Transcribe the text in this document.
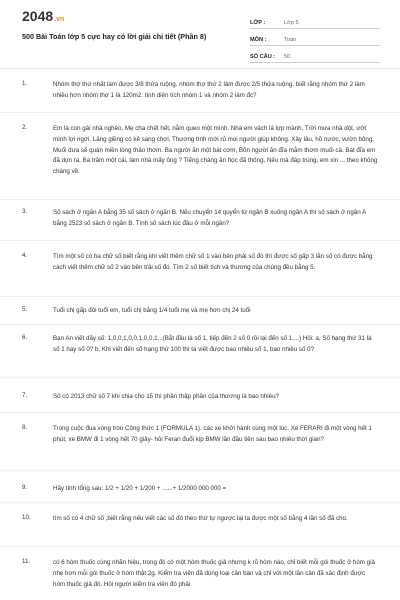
2048.vn
500 Bài Toán lớp 5 cực hay có lời giải chi tiết (Phần 8)
LỚP :	Lớp 5
MÔN :	Toán
SỐ CÂU :	50
1.	Nhóm thợ thứ nhất làm được 3/8 thửa ruộng. nhóm thợ thứ 2 làm được 2/5 thửa ruộng. biết rằng nhóm thứ 2 làm nhiều hơn nhóm thợ 1 là 120m2. tính diện tích nhóm 1 và nhóm 2 làm đc?
2.	Em là con gái nhà nghèo, Mẹ cha chết hết, nằm queo một mình. Nhà em vách lá lợp mành, Trời mưa nhà dột, ướt mình lợi ngợi. Láng giềng có kẻ sang chơi, Thương tình mới rủ mọi người giúp không. Xây lâu, hồ nước, vườn bông, Muối dưa sẽ quán miền lòng thảo thơm. Ba người ăn một bát cơm, Bốn người ăn đĩa mắm thơm muối cà. Bát đĩa em đã dọn ra, Ba trăm một cái, làm nhà mấy ông ? Tiếng chàng ăn học đã thông, Nếu mà đáp trúng, em xin ... theo không chàng về.
3.	Số sách ở ngăn A bằng 35 số sách ở ngăn B. Nếu chuyển 14 quyển từ ngăn B xuống ngăn A thì số sách ở ngăn A bằng 2523 số sách ở ngăn B. Tính số sách lúc đầu ở mỗi ngăn?
4.	Tìm một số có ba chữ số biết rằng khi viết thêm chữ số 1 vào bên phải số đó thì được số gấp 3 lần số có được bằng cách viết thêm chữ số 2 vào bên trái số đó. Tìm 2 số biết tích và thương của chúng đều bằng 5.
5.	Tuổi chị gấp đôi tuổi em, tuổi chị bằng 1/4 tuổi mẹ và mẹ hơn chị 24 tuổi
6.	Bạn An viết dãy số: 1,0,0,1,0,0,1,0,0,1...(Bắt đầu là số 1, tiếp đến 2 số 0 rồi lại đến số 1,...) Hỏi: a, Số hạng thứ 31 là số 1 hay số 0? b, Khi viết đến số hạng thứ 100 thì ta viết được bao nhiêu số 1, bao nhiêu số 0?
7.	Số có 2013 chữ số 7 khi chia cho 15 thì phần thập phân của thương là bao nhiêu?
8.	Trong cuộc đua vòng tròn Công thức 1 (FORMULA 1). các xe khởi hành cùng một lúc. Xe FERARI đi một vòng hết 1 phút, xe BMW đi 1 vòng hết 70 giây- hỏi Ferari đuổi kịp BMW lần đầu tiên sau bao nhiêu thời gian?
9.	Hãy tính tổng sau: 1/2 + 1/20 + 1/200 + ......+ 1/2000 000 000 =
10.	tìm số có 4 chữ số ,biết rằng nếu viết các số đó theo thứ tự ngược lại ta được một số bằng 4 lần số đã cho.
11.	có 6 hòm thuốc cùng nhãn hiệu, trong đó có một hòm thuốc giả nhưng k rõ hòm nào, chỉ biết mỗi gói thuốc ở hòm giả nhẹ hơn mỗi gói thuốc ở hòm thật 2g. Kiểm tra viên đã dùng loại cân bàn và chỉ với một lần cân đã xác định được hòm thuốc giả đó. Hỏi người kiểm tra viên đó phải
